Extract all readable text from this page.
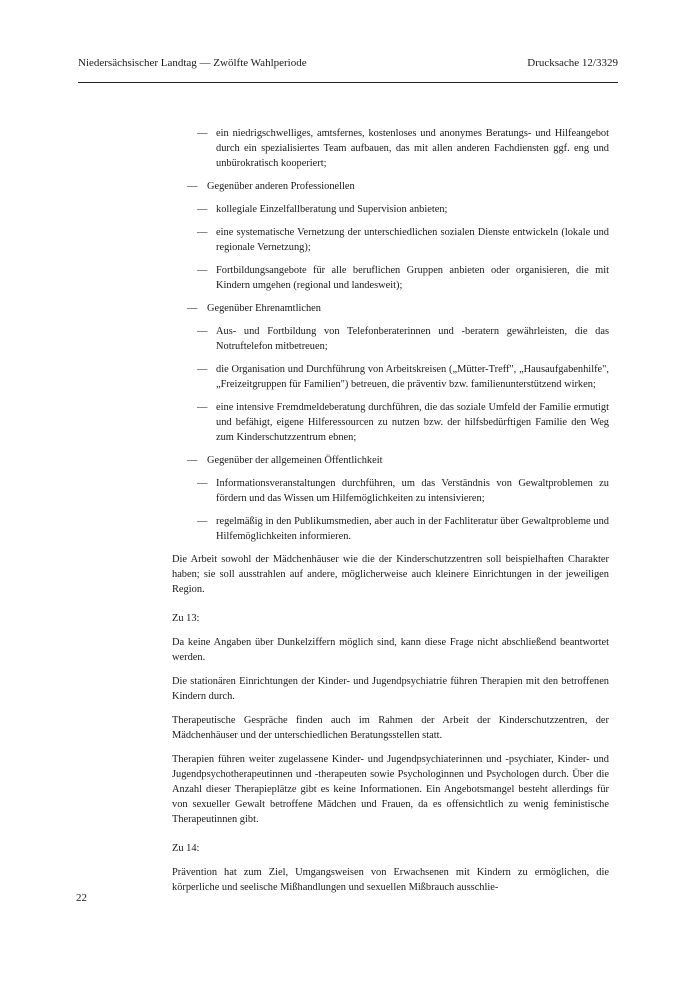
Niedersächsischer Landtag — Zwölfte Wahlperiode	Drucksache 12/3329
— ein niedrigschwelliges, amtsfernes, kostenloses und anonymes Beratungs- und Hilfeangebot durch ein spezialisiertes Team aufbauen, das mit allen anderen Fachdiensten ggf. eng und unbürokratisch kooperiert;
— Gegenüber anderen Professionellen
— kollegiale Einzelfallberatung und Supervision anbieten;
— eine systematische Vernetzung der unterschiedlichen sozialen Dienste entwickeln (lokale und regionale Vernetzung);
— Fortbildungsangebote für alle beruflichen Gruppen anbieten oder organisieren, die mit Kindern umgehen (regional und landesweit);
— Gegenüber Ehrenamtlichen
— Aus- und Fortbildung von Telefonberaterinnen und -beratern gewährleisten, die das Notruftelefon mitbetreuen;
— die Organisation und Durchführung von Arbeitskreisen („Mütter-Treff", „Hausaufgabenhilfe", „Freizeitgruppen für Familien") betreuen, die präventiv bzw. familienunterstützend wirken;
— eine intensive Fremdmeldeberatung durchführen, die das soziale Umfeld der Familie ermutigt und befähigt, eigene Hilferessourcen zu nutzen bzw. der hilfsbedürftigen Familie den Weg zum Kinderschutzzentrum ebnen;
— Gegenüber der allgemeinen Öffentlichkeit
— Informationsveranstaltungen durchführen, um das Verständnis von Gewaltproblemen zu fördern und das Wissen um Hilfemöglichkeiten zu intensivieren;
— regelmäßig in den Publikumsmedien, aber auch in der Fachliteratur über Gewaltprobleme und Hilfemöglichkeiten informieren.

Die Arbeit sowohl der Mädchenhäuser wie die der Kinderschutzzentren soll beispielhaften Charakter haben; sie soll ausstrahlen auf andere, möglicherweise auch kleinere Einrichtungen in der jeweiligen Region.

Zu 13:

Da keine Angaben über Dunkelziffern möglich sind, kann diese Frage nicht abschließend beantwortet werden.

Die stationären Einrichtungen der Kinder- und Jugendpsychiatrie führen Therapien mit den betroffenen Kindern durch.

Therapeutische Gespräche finden auch im Rahmen der Arbeit der Kinderschutzzentren, der Mädchenhäuser und der unterschiedlichen Beratungsstellen statt.

Therapien führen weiter zugelassene Kinder- und Jugendpsychiaterinnen und -psychiater, Kinder- und Jugendpsychotherapeutinnen und -therapeuten sowie Psychologinnen und Psychologen durch. Über die Anzahl dieser Therapieplätze gibt es keine Informationen. Ein Angebotsmangel besteht allerdings für von sexueller Gewalt betroffene Mädchen und Frauen, da es offensichtlich zu wenig feministische Therapeutinnen gibt.

Zu 14:

Prävention hat zum Ziel, Umgangsweisen von Erwachsenen mit Kindern zu ermöglichen, die körperliche und seelische Mißhandlungen und sexuellen Mißbrauch ausschlie-

22
